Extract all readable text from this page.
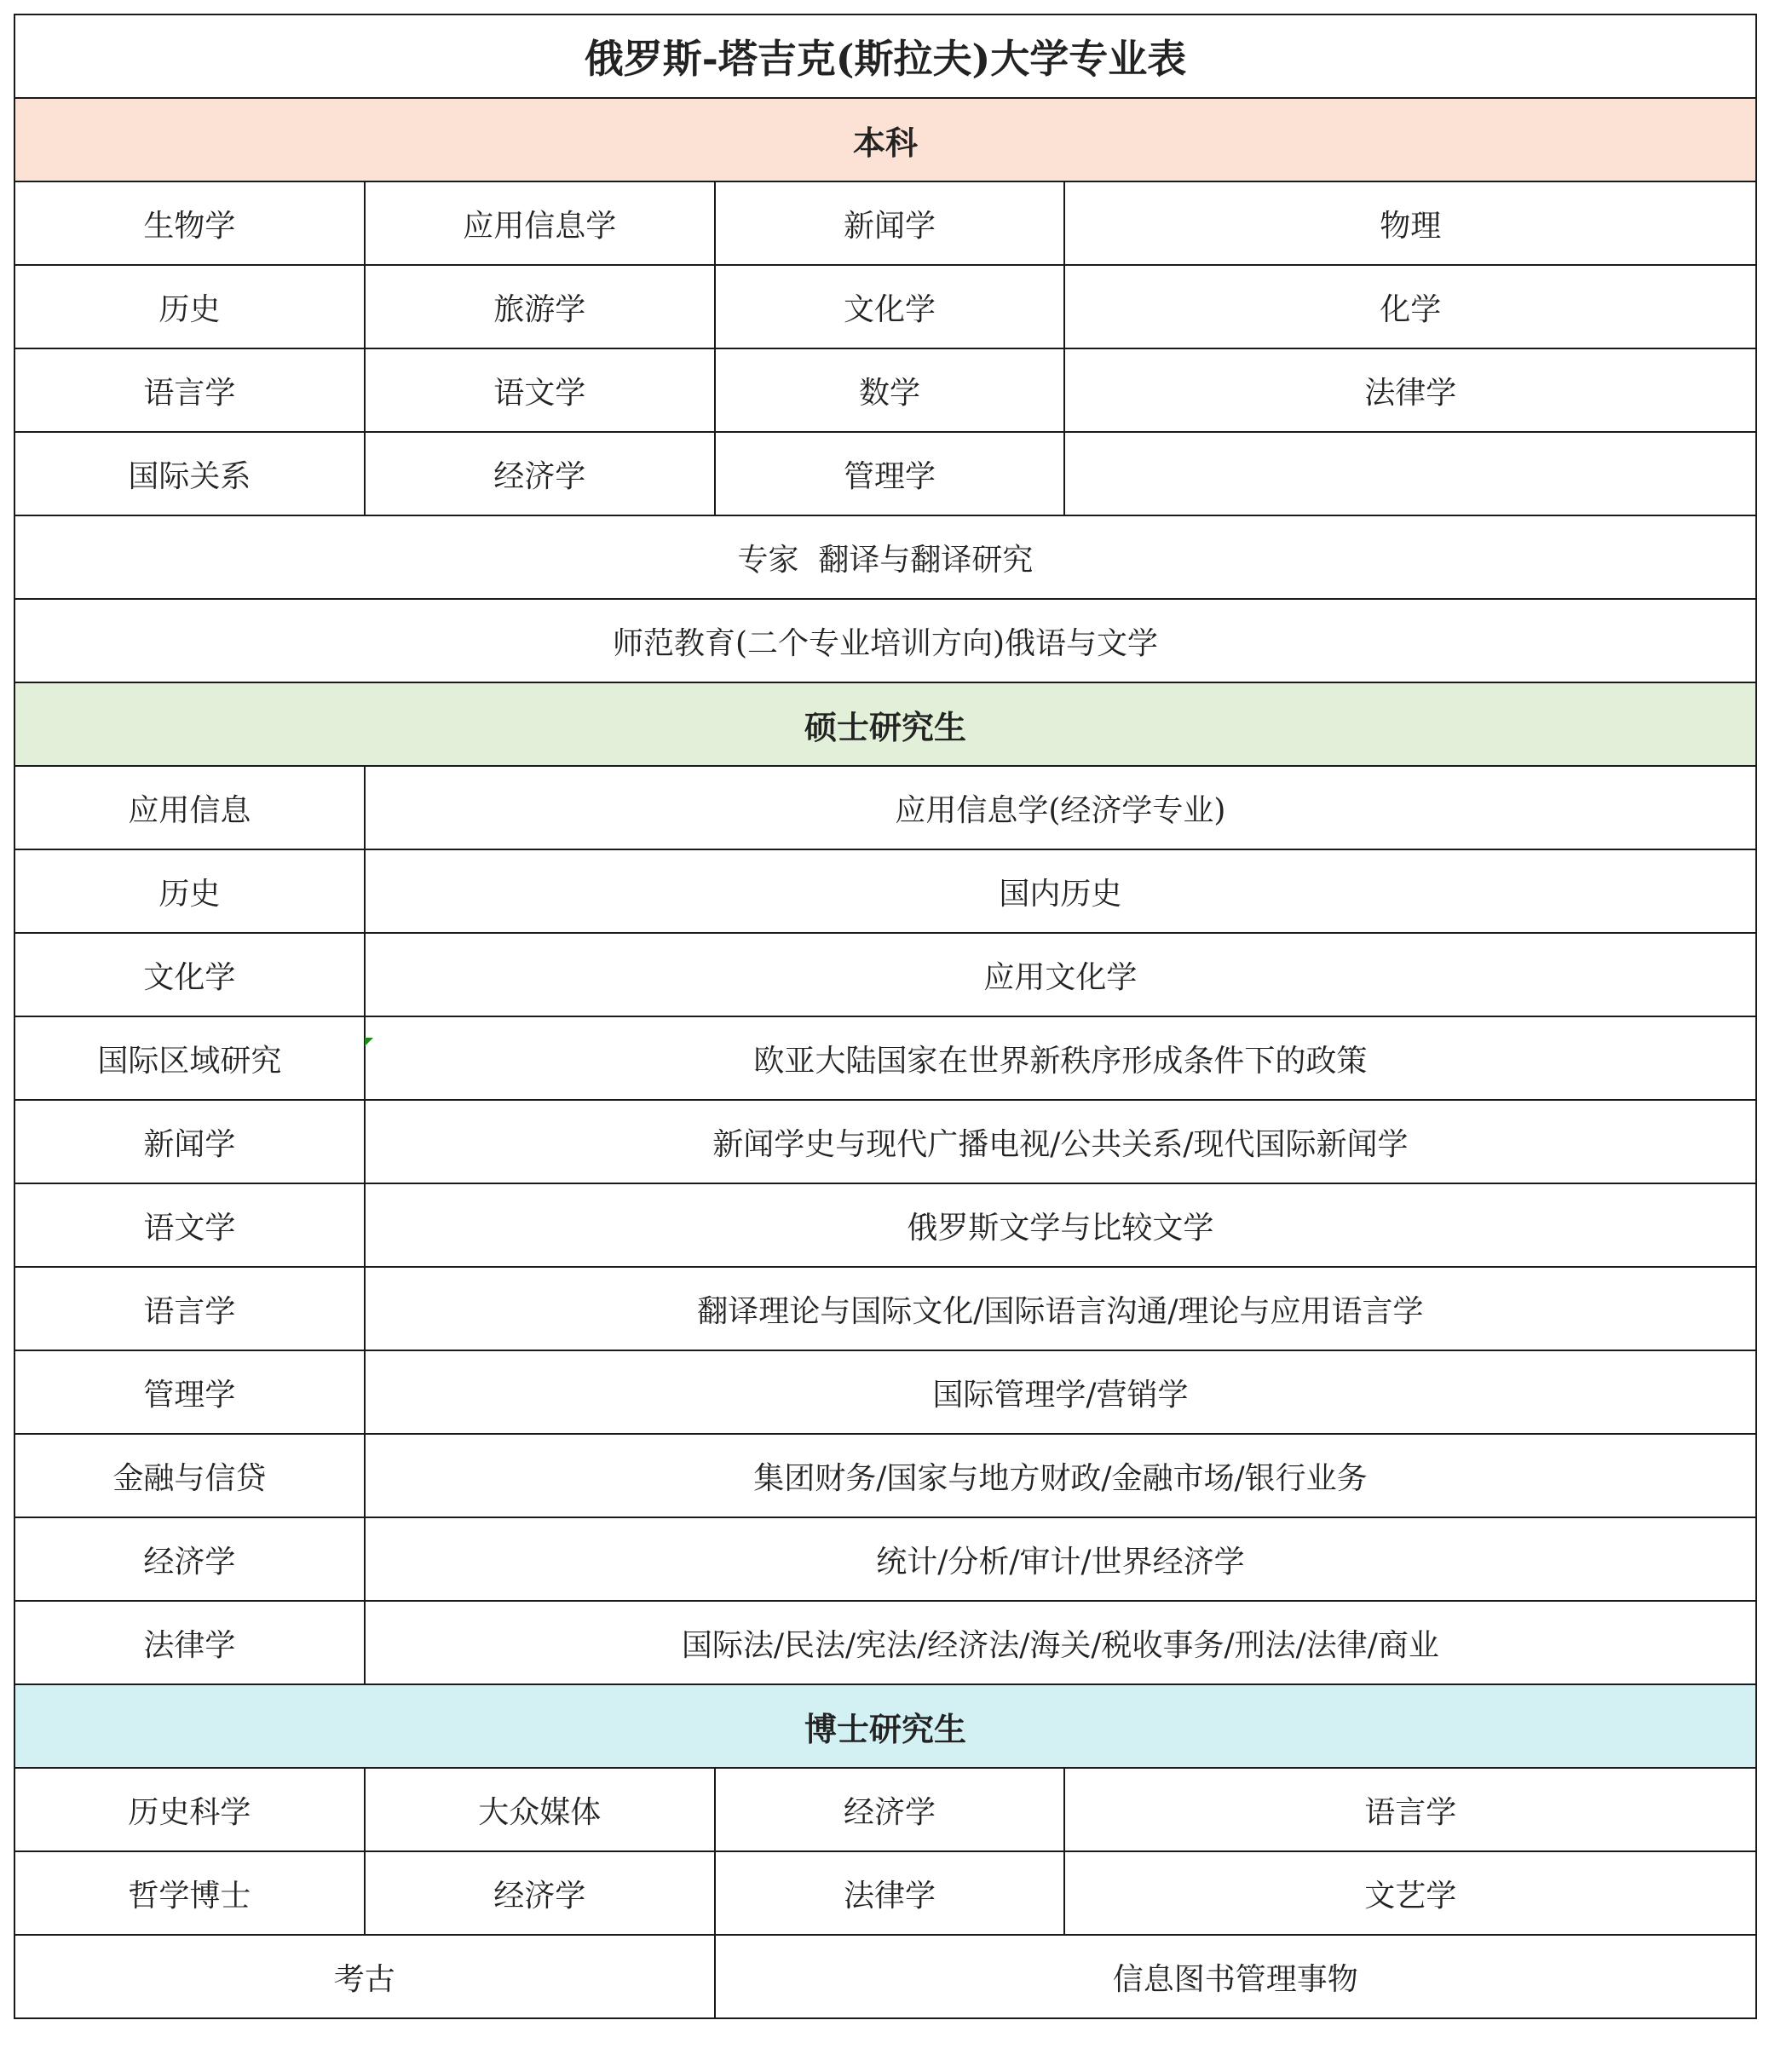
俄罗斯-塔吉克(斯拉夫)大学专业表			
本科			
生物学	应用信息学	新闻学	物理
历史	旅游学	文化学	化学
语言学	语文学	数学	法律学
国际关系	经济学	管理学	
专家  翻译与翻译研究			
师范教育(二个专业培训方向)俄语与文学			
硕士研究生			
应用信息	应用信息学(经济学专业)		
历史	国内历史		
文化学	应用文化学		
国际区域研究	欧亚大陆国家在世界新秩序形成条件下的政策		
新闻学	新闻学史与现代广播电视/公共关系/现代国际新闻学		
语文学	俄罗斯文学与比较文学		
语言学	翻译理论与国际文化/国际语言沟通/理论与应用语言学		
管理学	国际管理学/营销学		
金融与信贷	集团财务/国家与地方财政/金融市场/银行业务		
经济学	统计/分析/审计/世界经济学		
法律学	国际法/民法/宪法/经济法/海关/税收事务/刑法/法律/商业		
博士研究生			
历史科学	大众媒体	经济学	语言学
哲学博士	经济学	法律学	文艺学
考古		信息图书管理事物	
